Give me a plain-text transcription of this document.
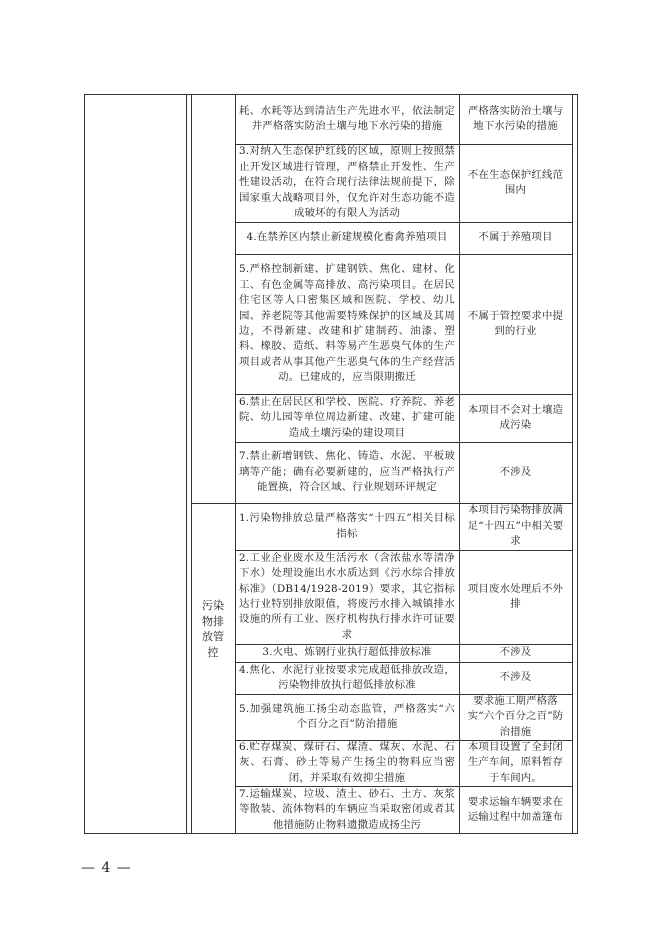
耗、水耗等达到清洁生产先进水平，依法制定并严格落实防治土壤与地下水污染的措施
严格落实防治土壤与地下水污染的措施
3.对纳入生态保护红线的区域，原则上按照禁止开发区域进行管理，严格禁止开发性、生产性建设活动，在符合现行法律法规前提下，除国家重大战略项目外，仅允许对生态功能不造成破坏的有限人为活动
不在生态保护红线范围内
4.在禁养区内禁止新建规模化畜禽养殖项目	不属于养殖项目
5.严格控制新建、扩建钢铁、焦化、建材、化工、有色金属等高排放、高污染项目。在居民住宅区等人口密集区域和医院、学校、幼儿园、养老院等其他需要特殊保护的区域及其周边，不得新建、改建和扩建制药、油漆、塑料、橡胶、造纸、料等易产生恶臭气体的生产项目或者从事其他产生恶臭气体的生产经营活动。已建成的，应当限期搬迁
不属于管控要求中提到的行业
6.禁止在居民区和学校、医院、疗养院、养老院、幼儿园等单位周边新建、改建、扩建可能造成土壤污染的建设项目
本项目不会对土壤造成污染
7.禁止新增钢铁、焦化、铸造、水泥、平板玻璃等产能；确有必要新建的，应当严格执行产能置换，符合区域、行业规划环评规定
不涉及
污染
物排
放管
控
1.污染物排放总量严格落实“十四五”相关目标指标
本项目污染物排放满足“十四五”中相关要求
2.工业企业废水及生活污水（含浓盐水等清净下水）处理设施出水水质达到《污水综合排放标准》（DB14/1928-2019）要求，其它指标达行业特别排放限值，将废污水排入城镇排水设施的所有工业、医疗机构执行排水许可证要求
项目废水处理后不外排
3.火电、炼钢行业执行超低排放标准	不涉及
4.焦化、水泥行业按要求完成超低排放改造，污染物排放执行超低排放标准
不涉及
5.加强建筑施工扬尘动态监管，严格落实“六个百分之百”防治措施
要求施工期严格落实“六个百分之百”防治措施
6.贮存煤炭、煤矸石、煤渣、煤灰、水泥、石灰、石膏、砂土等易产生扬尘的物料应当密闭，并采取有效抑尘措施
本项目设置了全封闭生产车间，原料暂存于车间内。
7.运输煤炭、垃圾、渣土、砂石、土方、灰浆等散装、流体物料的车辆应当采取密闭或者其他措施防止物料遗撒造成扬尘污
要求运输车辆要求在运输过程中加盖篷布
— 4 —
